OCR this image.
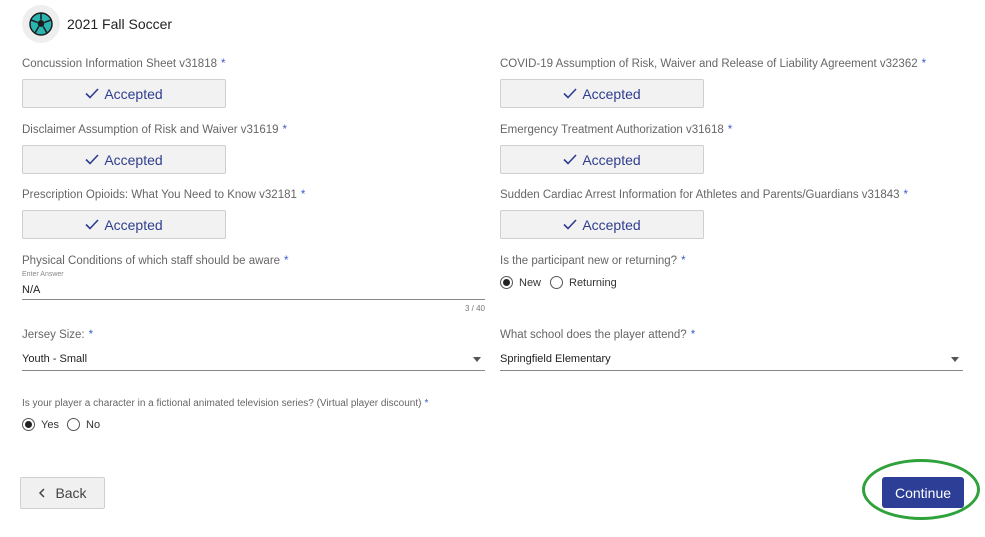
2021 Fall Soccer
Concussion Information Sheet v31818 *
Accepted
COVID-19 Assumption of Risk, Waiver and Release of Liability Agreement v32362 *
Accepted
Disclaimer Assumption of Risk and Waiver v31619 *
Accepted
Emergency Treatment Authorization v31618 *
Accepted
Prescription Opioids: What You Need to Know v32181 *
Accepted
Sudden Cardiac Arrest Information for Athletes and Parents/Guardians v31843 *
Accepted
Physical Conditions of which staff should be aware *
Enter Answer
N/A
3 / 40
Is the participant new or returning? *
New	Returning
Jersey Size: *
Youth - Small
What school does the player attend? *
Springfield Elementary
Is your player a character in a fictional animated television series? (Virtual player discount) *
Yes No
Back	Continue
